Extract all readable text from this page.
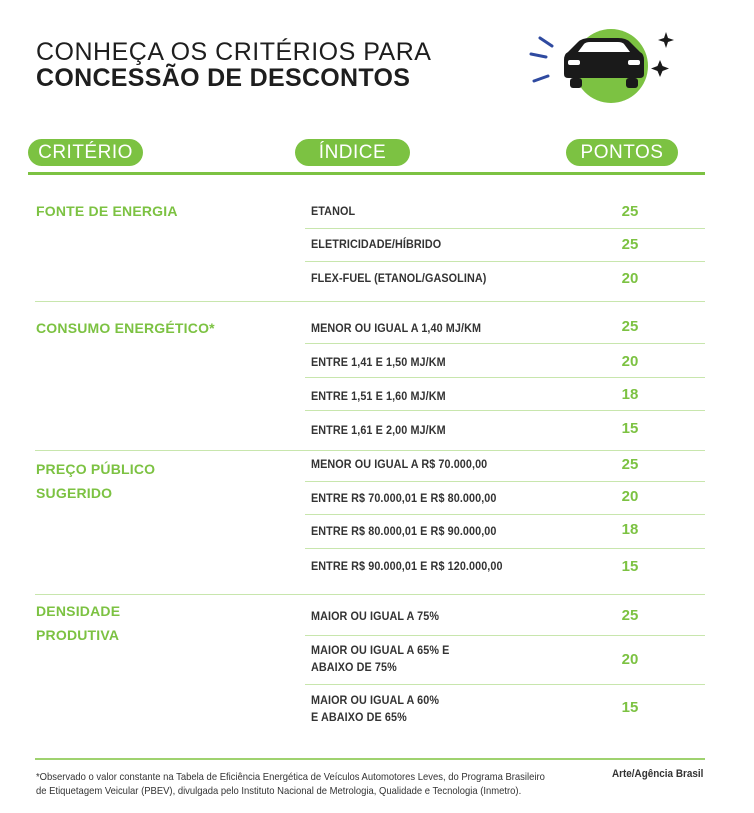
CONHEÇA OS CRITÉRIOS PARA
CONCESSÃO DE DESCONTOS
CRITÉRIO	ÍNDICE	PONTOS
FONTE DE ENERGIA	ETANOL	25
ELETRICIDADE/HÍBRIDO	25
FLEX-FUEL (ETANOL/GASOLINA)	20
CONSUMO ENERGÉTICO*	MENOR OU IGUAL A 1,40 MJ/KM	25
ENTRE 1,41 E 1,50 MJ/KM	20
ENTRE 1,51 E 1,60 MJ/KM	18
ENTRE 1,61 E 2,00 MJ/KM	15
PREÇO PÚBLICO
SUGERIDO
MENOR OU IGUAL A R$ 70.000,00	25
ENTRE R$ 70.000,01 E R$ 80.000,00	20
ENTRE R$ 80.000,01 E R$ 90.000,00	18
ENTRE R$ 90.000,01 E R$ 120.000,00	15
DENSIDADE
PRODUTIVA
MAIOR OU IGUAL A 75%	25
MAIOR OU IGUAL A 65% E
ABAIXO DE 75%	20
MAIOR OU IGUAL A 60%
E ABAIXO DE 65%
15
*Observado o valor constante na Tabela de Eficiência Energética de Veículos Automotores Leves, do Programa Brasileiro
de Etiquetagem Veicular (PBEV), divulgada pelo Instituto Nacional de Metrologia, Qualidade e Tecnologia (Inmetro).
Arte/Agência Brasil
